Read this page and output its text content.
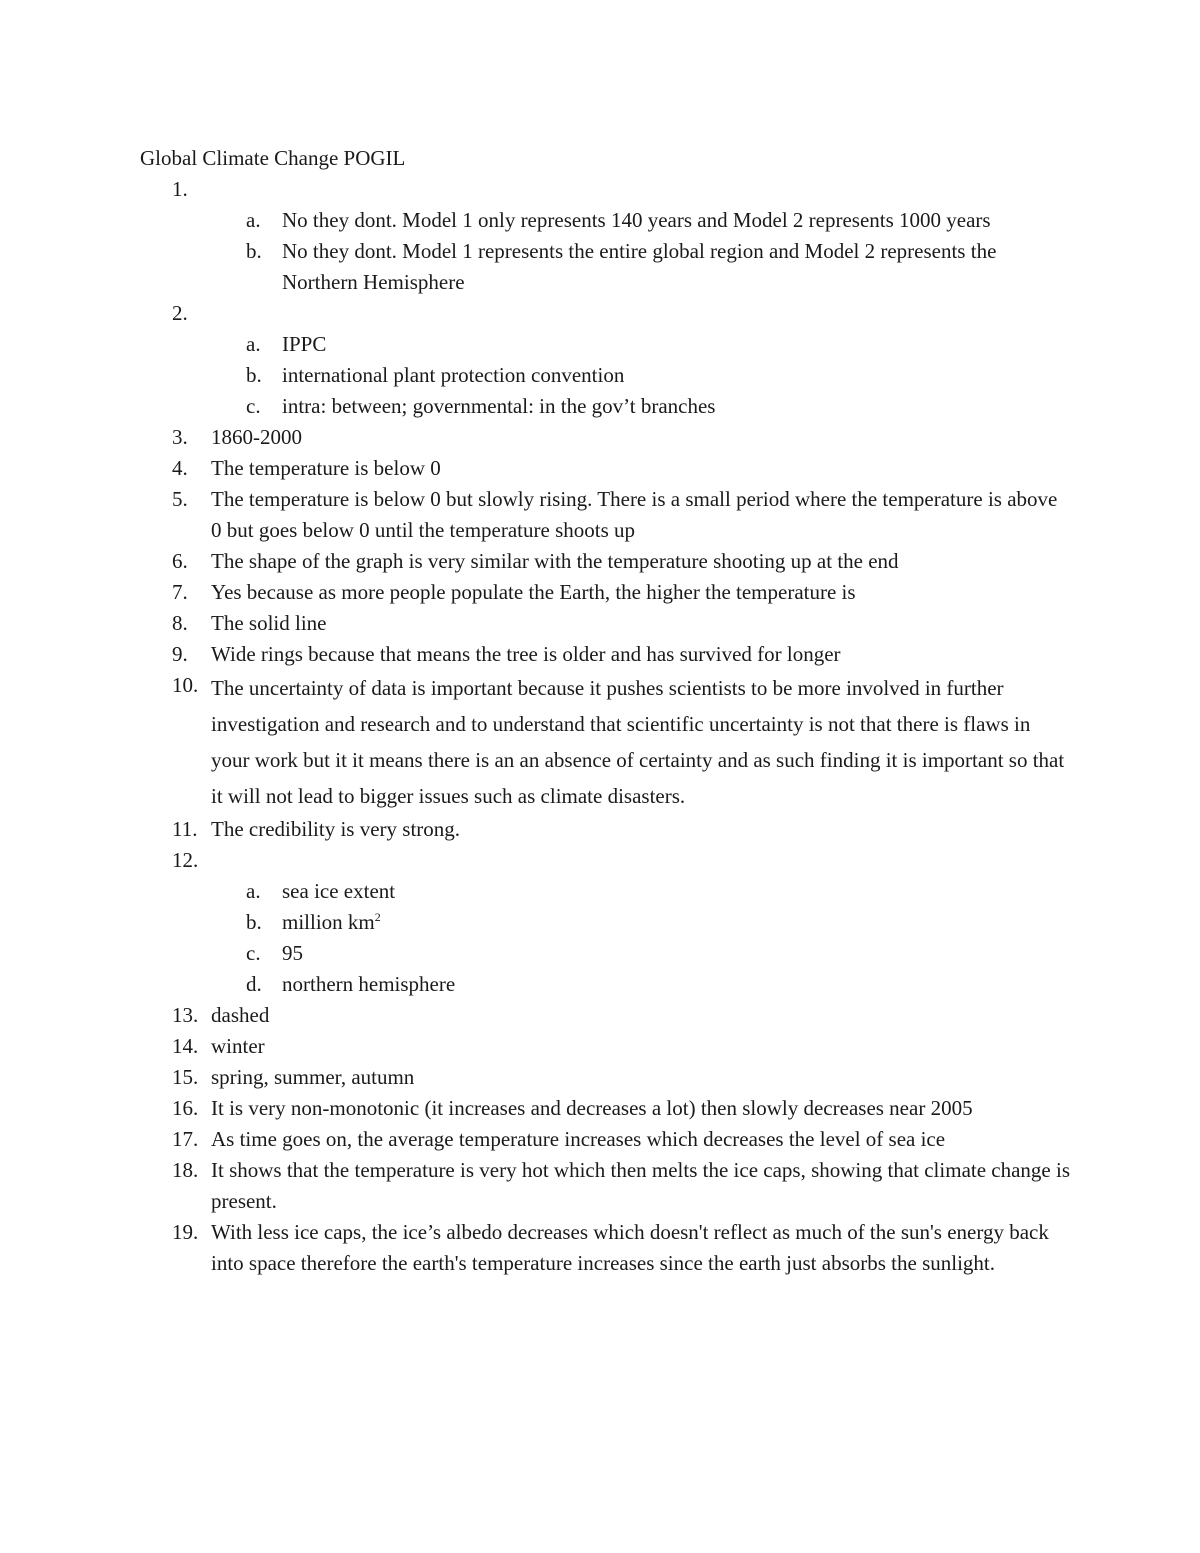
Global Climate Change POGIL
1.

a.	No they dont. Model 1 only represents 140 years and Model 2 represents 1000 years
b. No they dont. Model 1 represents the entire global region and Model 2 represents the Northern Hemisphere
2.

a.	IPPC
b. international plant protection convention
c.	intra: between; governmental: in the gov’t branches
3.	1860-2000
4.	The temperature is below 0
5.	The temperature is below 0 but slowly rising. There is a small period where the temperature is above 0 but goes below 0 until the temperature shoots up
6.	The shape of the graph is very similar with the temperature shooting up at the end
7.	Yes because as more people populate the Earth, the higher the temperature is
8.	The solid line
9.	Wide rings because that means the tree is older and has survived for longer
10. The uncertainty of data is important because it pushes scientists to be more involved in further investigation and research and to understand that scientific uncertainty is not that there is flaws in your work but it it means there is an an absence of certainty and as such finding it is important so that it will not lead to bigger issues such as climate disasters.
11. The credibility is very strong.
12.

a.	sea ice extent
b. million $km^2$
c.	95
d. northern hemisphere
13. dashed
14. winter
15. spring, summer, autumn
16. It is very non-monotonic (it increases and decreases a lot) then slowly decreases near 2005
17. As time goes on, the average temperature increases which decreases the level of sea ice
18. It shows that the temperature is very hot which then melts the ice caps, showing that climate change is present.
19. With less ice caps, the ice’s albedo decreases which doesn't reflect as much of the sun's energy back into space therefore the earth's temperature increases since the earth just absorbs the sunlight.
